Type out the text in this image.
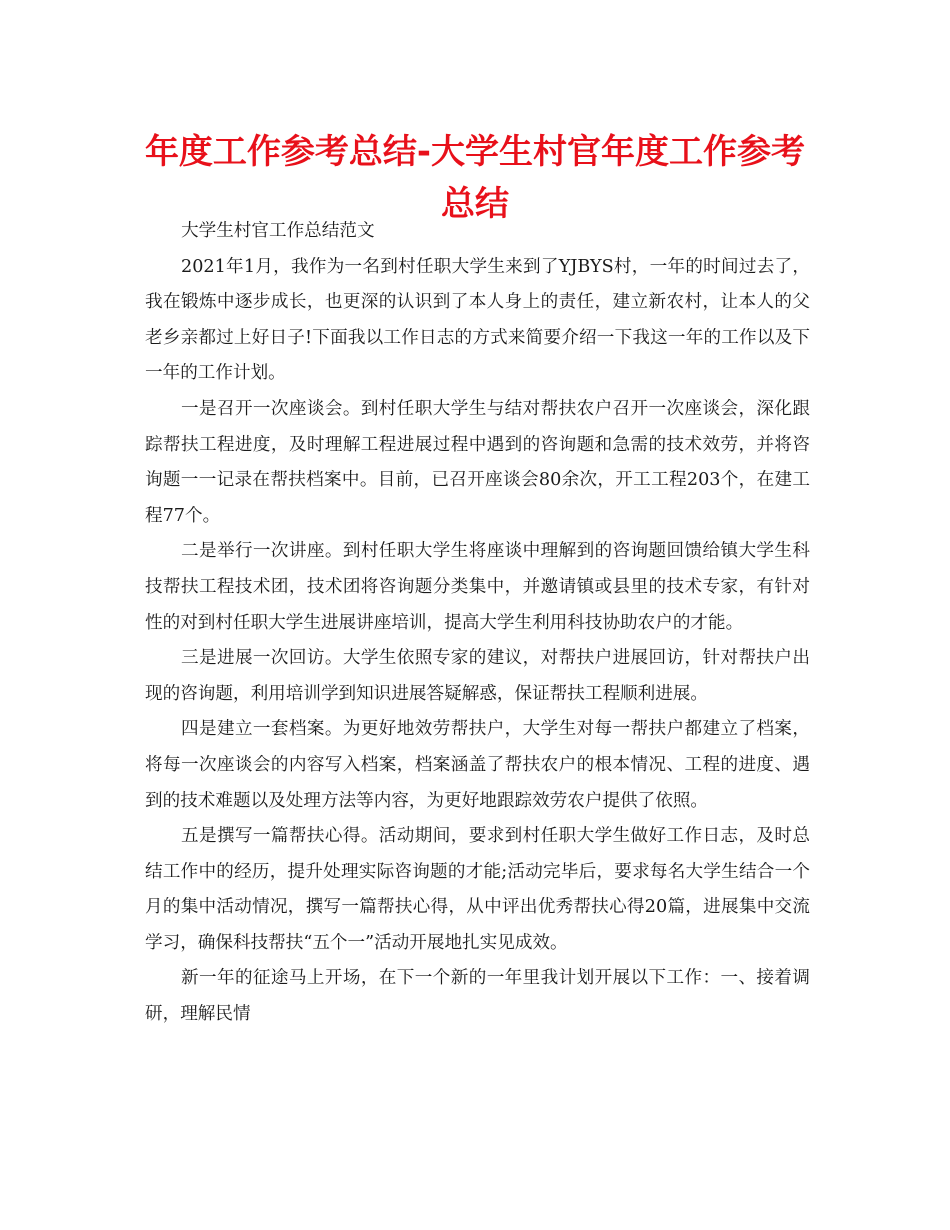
年度工作参考总结-大学生村官年度工作参考总结

大学生村官工作总结范文

2021年1月，我作为一名到村任职大学生来到了YJBYS村，一年的时间过去了，我在锻炼中逐步成长，也更深的认识到了本人身上的责任，建立新农村，让本人的父老乡亲都过上好日子!下面我以工作日志的方式来简要介绍一下我这一年的工作以及下一年的工作计划。

一是召开一次座谈会。到村任职大学生与结对帮扶农户召开一次座谈会，深化跟踪帮扶工程进度，及时理解工程进展过程中遇到的咨询题和急需的技术效劳，并将咨询题一一记录在帮扶档案中。目前，已召开座谈会80余次，开工工程203个，在建工程77个。

二是举行一次讲座。到村任职大学生将座谈中理解到的咨询题回馈给镇大学生科技帮扶工程技术团，技术团将咨询题分类集中，并邀请镇或县里的技术专家，有针对性的对到村任职大学生进展讲座培训，提高大学生利用科技协助农户的才能。

三是进展一次回访。大学生依照专家的建议，对帮扶户进展回访，针对帮扶户出现的咨询题，利用培训学到知识进展答疑解惑，保证帮扶工程顺利进展。

四是建立一套档案。为更好地效劳帮扶户，大学生对每一帮扶户都建立了档案，将每一次座谈会的内容写入档案，档案涵盖了帮扶农户的根本情况、工程的进度、遇到的技术难题以及处理方法等内容，为更好地跟踪效劳农户提供了依照。

五是撰写一篇帮扶心得。活动期间，要求到村任职大学生做好工作日志，及时总结工作中的经历，提升处理实际咨询题的才能;活动完毕后，要求每名大学生结合一个月的集中活动情况，撰写一篇帮扶心得，从中评出优秀帮扶心得20篇，进展集中交流学习，确保科技帮扶“五个一”活动开展地扎实见成效。

新一年的征途马上开场，在下一个新的一年里我计划开展以下工作：一、接着调研，理解民情
